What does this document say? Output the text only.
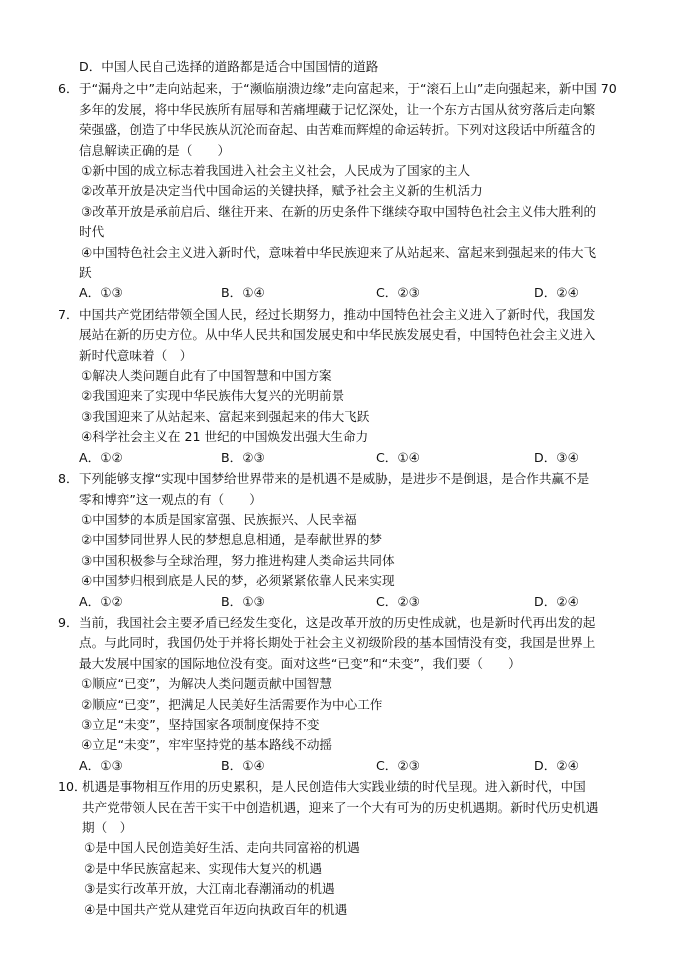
D．中国人民自己选择的道路都是适合中国国情的道路
6． 于“漏舟之中”走向站起来，于“濒临崩溃边缘”走向富起来，于“滚石上山”走向强起来，新中国 70
多年的发展，将中华民族所有屈辱和苦痛埋藏于记忆深处，让一个东方古国从贫穷落后走向繁
荣强盛，创造了中华民族从沉沦而奋起、由苦难而辉煌的命运转折。下列对这段话中所蕴含的
信息解读正确的是（　　）
①新中国的成立标志着我国进入社会主义社会，人民成为了国家的主人
②改革开放是决定当代中国命运的关键抉择，赋予社会主义新的生机活力
③改革开放是承前启后、继往开来、在新的历史条件下继续夺取中国特色社会主义伟大胜利的
时代
④中国特色社会主义进入新时代，意味着中华民族迎来了从站起来、富起来到强起来的伟大飞
跃
A．①③	B．①④	C．②③	D．②④
7． 中国共产党团结带领全国人民，经过长期努力，推动中国特色社会主义进入了新时代，我国发
展站在新的历史方位。从中华人民共和国发展史和中华民族发展史看，中国特色社会主义进入
新时代意味着（　）
①解决人类问题自此有了中国智慧和中国方案
②我国迎来了实现中华民族伟大复兴的光明前景
③我国迎来了从站起来、富起来到强起来的伟大飞跃
④科学社会主义在 21 世纪的中国焕发出强大生命力
A．①②	B．②③	C．①④	D．③④
8． 下列能够支撑“实现中国梦给世界带来的是机遇不是威胁，是进步不是倒退，是合作共赢不是
零和博弈”这一观点的有（　　）
①中国梦的本质是国家富强、民族振兴、人民幸福
②中国梦同世界人民的梦想息息相通，是奉献世界的梦
③中国积极参与全球治理，努力推进构建人类命运共同体
④中国梦归根到底是人民的梦，必须紧紧依靠人民来实现
A．①②	B．①③	C．②③	D．②④
9． 当前，我国社会主要矛盾已经发生变化，这是改革开放的历史性成就，也是新时代再出发的起
点。与此同时，我国仍处于并将长期处于社会主义初级阶段的基本国情没有变，我国是世界上
最大发展中国家的国际地位没有变。面对这些“已变”和“未变”，我们要（　　）
①顺应“已变”，为解决人类问题贡献中国智慧
②顺应“已变”，把满足人民美好生活需要作为中心工作
③立足“未变”，坚持国家各项制度保持不变
④立足“未变”，牢牢坚持党的基本路线不动摇
A．①③	B．①④	C．②③	D．②④
10．
机遇是事物相互作用的历史累积，是人民创造伟大实践业绩的时代呈现。进入新时代，中国
共产党带领人民在苦干实干中创造机遇，迎来了一个大有可为的历史机遇期。新时代历史机遇
期（　）
①是中国人民创造美好生活、走向共同富裕的机遇
②是中华民族富起来、实现伟大复兴的机遇
③是实行改革开放，大江南北春潮涌动的机遇
④是中国共产党从建党百年迈向执政百年的机遇
